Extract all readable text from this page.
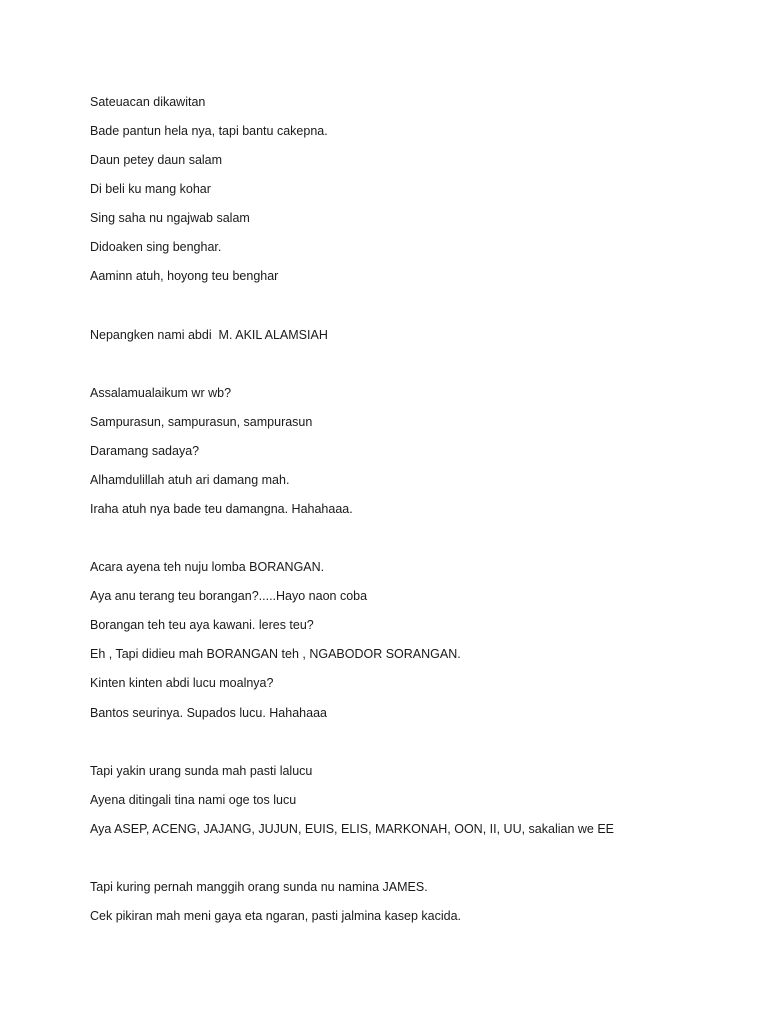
Sateuacan dikawitan

Bade pantun hela nya, tapi bantu cakepna.

Daun petey daun salam

Di beli ku mang kohar

Sing saha nu ngajwab salam

Didoaken sing benghar.

Aaminn atuh, hoyong teu benghar

Nepangken nami abdi  M. AKIL ALAMSIAH

Assalamualaikum wr wb?

Sampurasun, sampurasun, sampurasun

Daramang sadaya?

Alhamdulillah atuh ari damang mah.

Iraha atuh nya bade teu damangna. Hahahaaa.

Acara ayena teh nuju lomba BORANGAN.

Aya anu terang teu borangan?.....Hayo naon coba

Borangan teh teu aya kawani. leres teu?

Eh , Tapi didieu mah BORANGAN teh , NGABODOR SORANGAN.

Kinten kinten abdi lucu moalnya?

Bantos seurinya. Supados lucu. Hahahaaa

Tapi yakin urang sunda mah pasti lalucu

Ayena ditingali tina nami oge tos lucu

Aya ASEP, ACENG, JAJANG, JUJUN, EUIS, ELIS, MARKONAH, OON, II, UU, sakalian we EE

Tapi kuring pernah manggih orang sunda nu namina JAMES.

Cek pikiran mah meni gaya eta ngaran, pasti jalmina kasep kacida.
